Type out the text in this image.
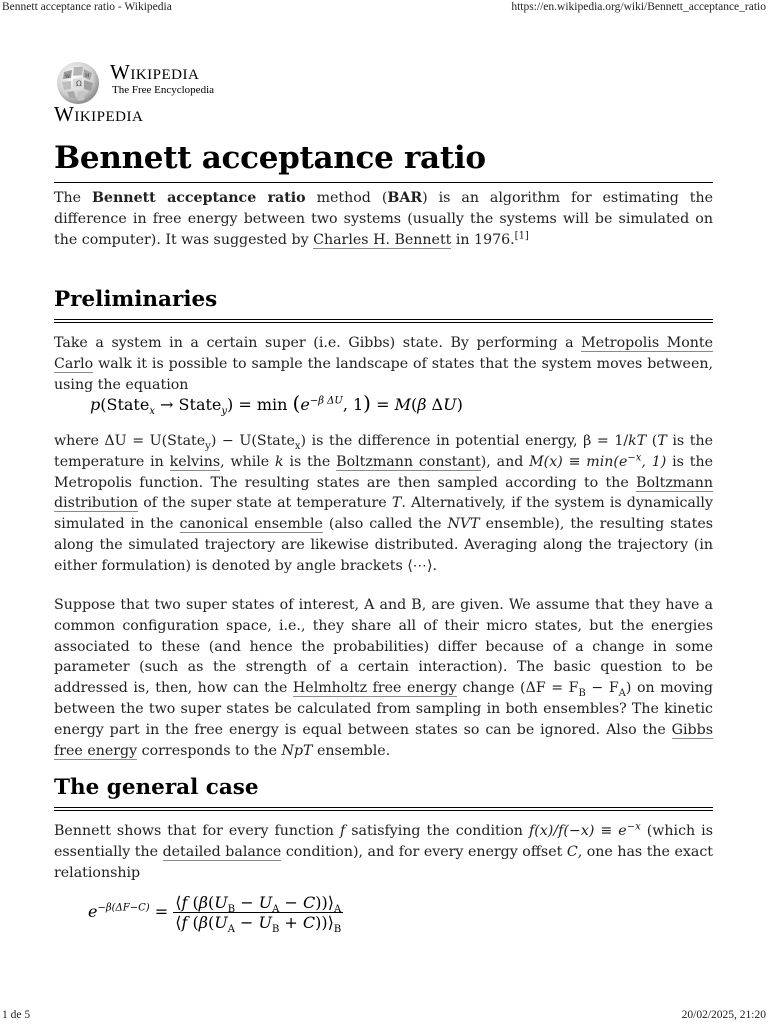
Bennett acceptance ratio - Wikipedia	https://en.wikipedia.org/wiki/Bennett_acceptance_ratio
1 de 5	20/02/2025, 21:20
Ω
W	И Wikipedia
The Free Encyclopedia
Wikipedia
Bennett acceptance ratio

The Bennett acceptance ratio method (BAR) is an algorithm for estimating the difference in free energy between two systems (usually the systems will be simulated on the computer). It was suggested by Charles H. Bennett in 1976.[1]

Preliminaries

Take a system in a certain super (i.e. Gibbs) state. By performing a Metropolis Monte Carlo walk it is possible to sample the landscape of states that the system moves between, using the equation

p(State$_x$ → State$_y$) = $\min (e^{-\beta \Delta U}$, 1) = M(β ΔU)

where ΔU = U(State$_y$) − U(State$_x$) is the difference in potential energy, β = 1/kT (T is the temperature in kelvins, while k is the Boltzmann constant), and $M(x) \equiv \min(e^{-x}$, 1) is the Metropolis function. The resulting states are then sampled according to the Boltzmann distribution of the super state at temperature T. Alternatively, if the system is dynamically simulated in the canonical ensemble (also called the NVT ensemble), the resulting states along the simulated trajectory are likewise distributed. Averaging along the trajectory (in either formulation) is denoted by angle brackets ⟨⋯⟩.

Suppose that two super states of interest, A and B, are given. We assume that they have a common configuration space, i.e., they share all of their micro states, but the energies associated to these (and hence the probabilities) differ because of a change in some parameter (such as the strength of a certain interaction). The basic question to be addressed is, then, how can the Helmholtz free energy change $(\Delta F = F_B - F_A)$ on moving between the two super states be calculated from sampling in both ensembles? The kinetic energy part in the free energy is equal between states so can be ignored. Also the Gibbs free energy corresponds to the NpT ensemble.

The general case

Bennett shows that for every function f satisfying the condition $f(x)/f(-x) \equiv e^{-x}$ (which is essentially the detailed balance condition), and for every energy offset C, one has the exact relationship

$e^{-\beta(\Delta F-C)} = \frac{⟨f (\beta(U_B - U_A - C))⟩_A}{⟨f (\beta(U_A - U_B + C))⟩_B}$
